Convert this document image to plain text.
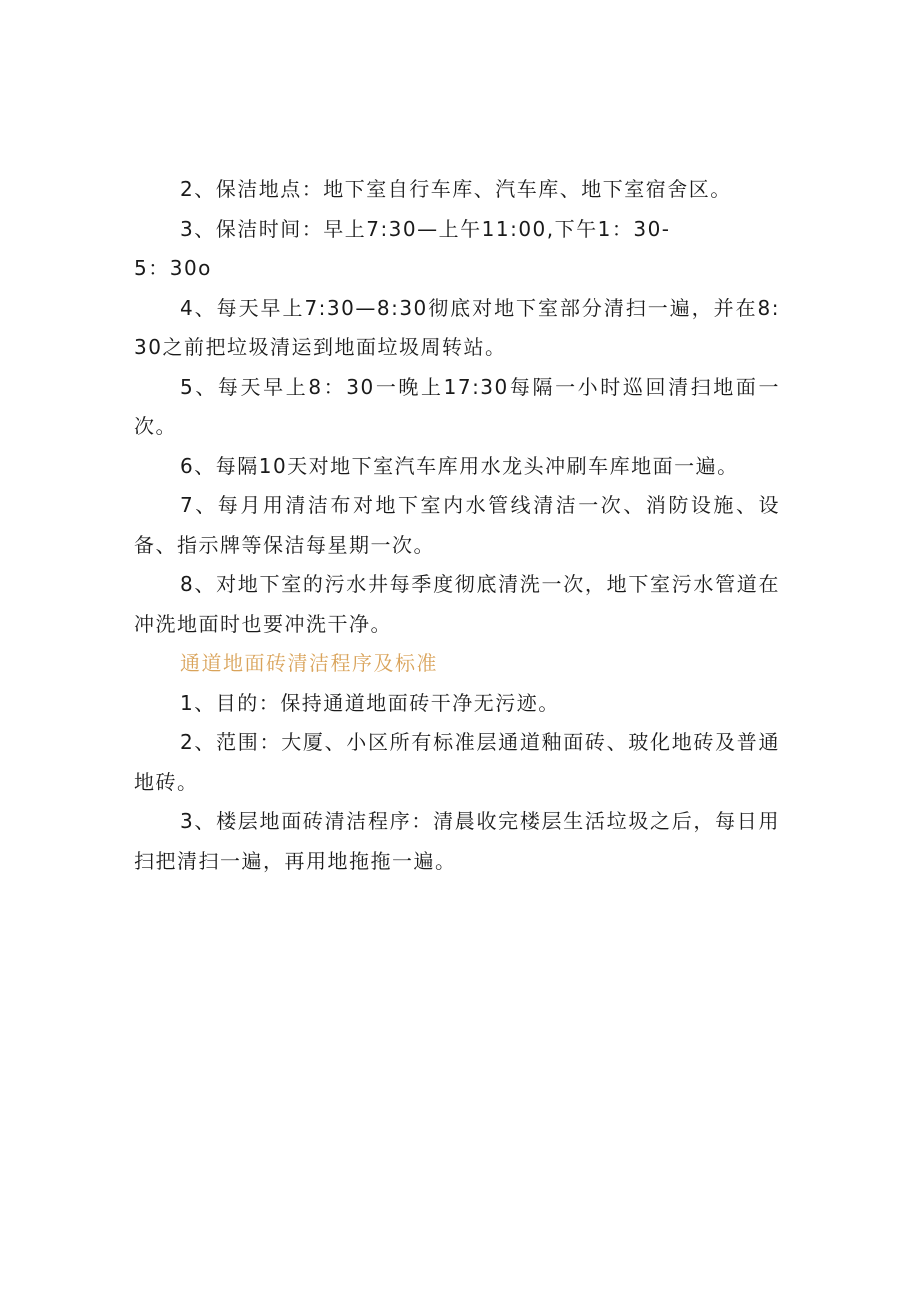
2、保洁地点：地下室自行车库、汽车库、地下室宿舍区。

3、保洁时间：早上7:30—上午11:00,下午1：30-

5：30o

4、每天早上7:30—8:30彻底对地下室部分清扫一遍，并在8:30之前把垃圾清运到地面垃圾周转站。

5、每天早上8：30一晚上17:30每隔一小时巡回清扫地面一次。

6、每隔10天对地下室汽车库用水龙头冲刷车库地面一遍。

7、每月用清洁布对地下室内水管线清洁一次、消防设施、设备、指示牌等保洁每星期一次。

8、对地下室的污水井每季度彻底清洗一次，地下室污水管道在冲洗地面时也要冲洗干净。

通道地面砖清洁程序及标准

1、目的：保持通道地面砖干净无污迹。

2、范围：大厦、小区所有标准层通道釉面砖、玻化地砖及普通地砖。

3、楼层地面砖清洁程序：清晨收完楼层生活垃圾之后，每日用扫把清扫一遍，再用地拖拖一遍。
